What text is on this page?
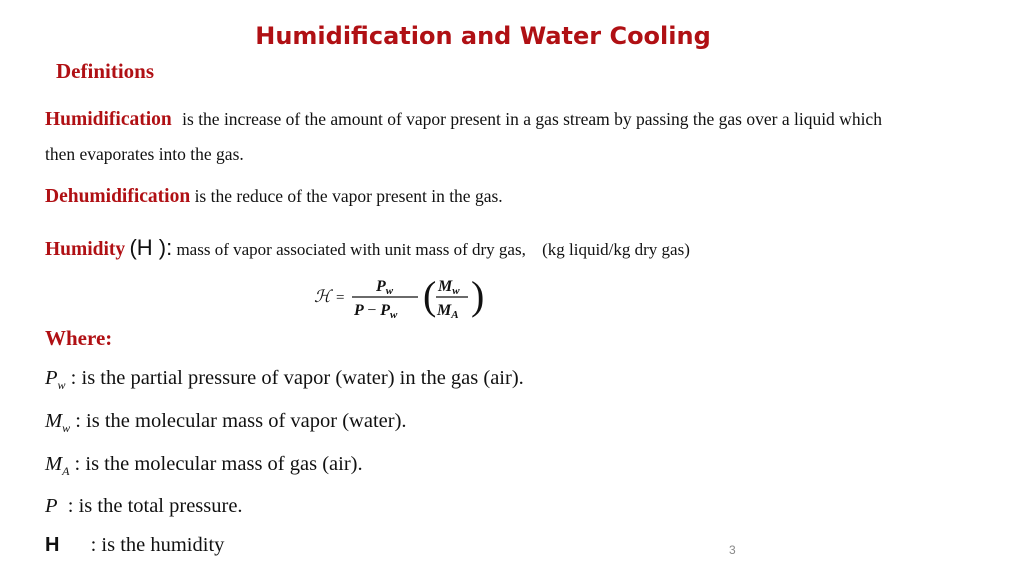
Humidification and Water Cooling
Definitions
Humidification is the increase of the amount of vapor present in a gas stream by passing the gas over a liquid which
then evaporates into the gas.
Dehumidification is the reduce of the vapor present in the gas.
Humidity (H ): mass of vapor associated with unit mass of dry gas, (kg liquid/kg dry gas)
ℋ =
Pw
P − Pw ( Mw
MA )
Where:
$P_w$ : is the partial pressure of vapor (water) in the gas (air).
$M_w$ : is the molecular mass of vapor (water).
$M_A$ : is the molecular mass of gas (air).
P : is the total pressure.
H : is the humidity	3
